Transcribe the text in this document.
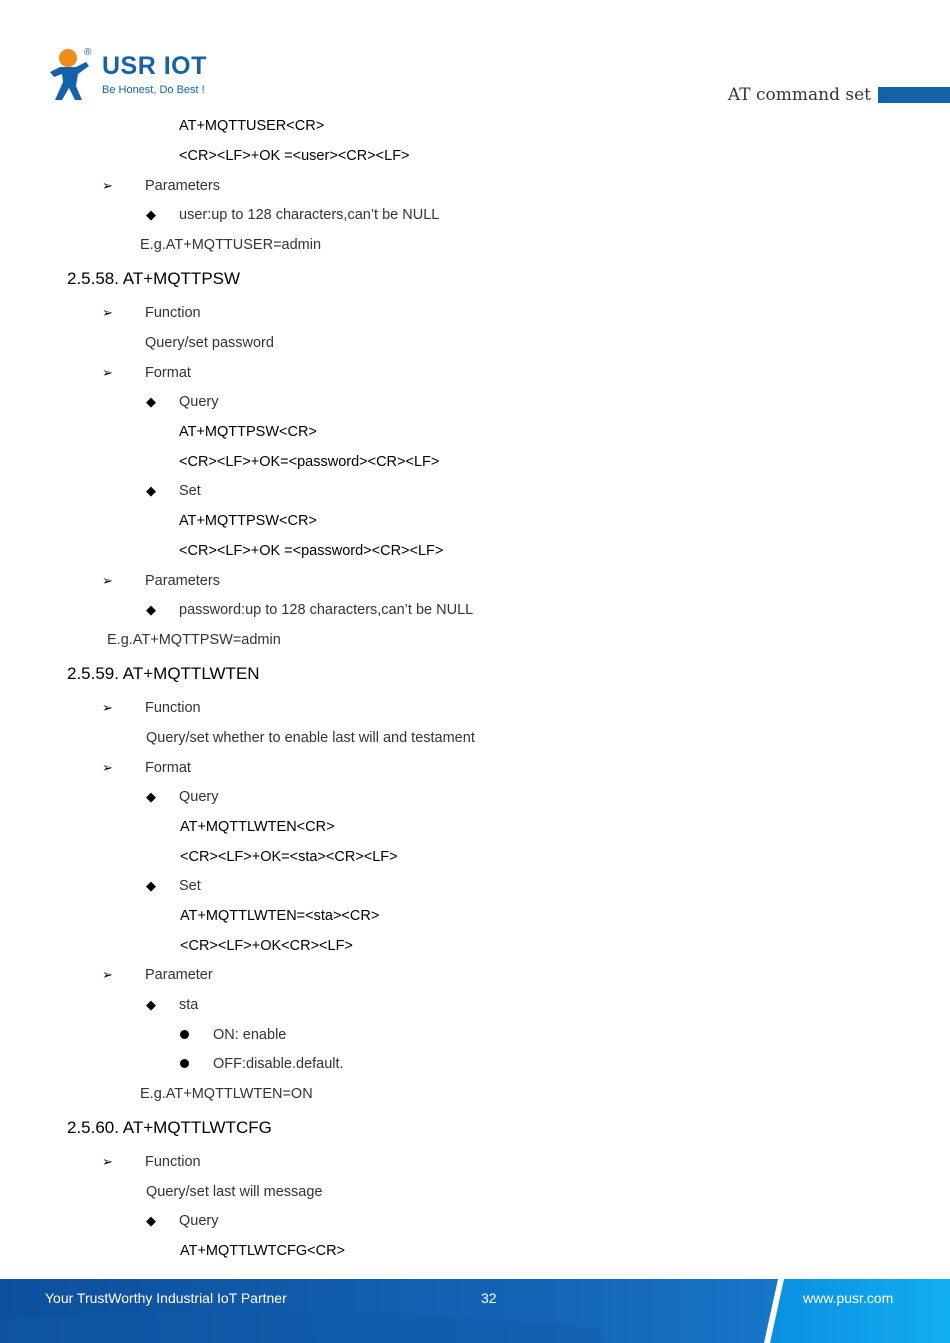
USR IOT
®
Be Honest, Do Best !	AT command set
AT+MQTTUSER<CR>
<CR><LF>+OK =<user><CR><LF>
➢ Parameters
◆ user:up to 128 characters,can’t be NULL
E.g.AT+MQTTUSER=admin
2.5.58. AT+MQTTPSW
➢ Function
Query/set password
➢ Format
◆ Query
AT+MQTTPSW<CR>
<CR><LF>+OK=<password><CR><LF>
◆ Set
AT+MQTTPSW<CR>
<CR><LF>+OK =<password><CR><LF>
➢ Parameters
◆ password:up to 128 characters,can’t be NULL
E.g.AT+MQTTPSW=admin
2.5.59. AT+MQTTLWTEN
➢ Function
Query/set whether to enable last will and testament
➢ Format
◆ Query
AT+MQTTLWTEN<CR>
<CR><LF>+OK=<sta><CR><LF>
◆ Set
AT+MQTTLWTEN=<sta><CR>
<CR><LF>+OK<CR><LF>
➢ Parameter
◆ sta
ON: enable
OFF:disable.default.
E.g.AT+MQTTLWTEN=ON
2.5.60. AT+MQTTLWTCFG
➢ Function
Query/set last will message
◆ Query
AT+MQTTLWTCFG<CR>
Your TrustWorthy Industrial IoT Partner	32	www.pusr.com
